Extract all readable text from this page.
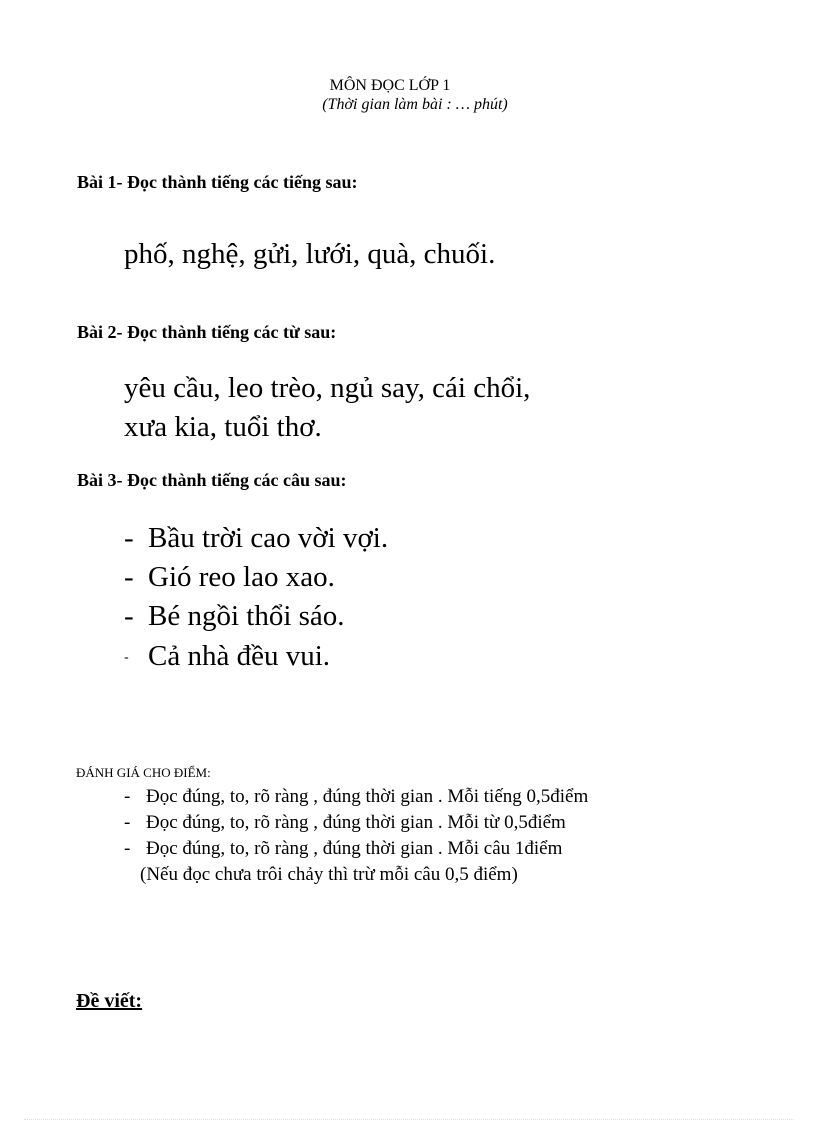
MÔN ĐỌC LỚP 1
(Thời gian làm bài : … phút)
Bài 1- Đọc thành tiếng các tiếng sau:
phố, nghệ, gửi, lưới, quà, chuối.
Bài 2- Đọc thành tiếng các từ sau:
yêu cầu, leo trèo, ngủ say, cái chổi,
xưa kia, tuổi thơ.
Bài 3- Đọc thành tiếng các câu sau:
- Bầu trời cao vời vợi.
- Gió reo lao xao.
- Bé ngồi thổi sáo.
- Cả nhà đều vui.
ĐÁNH GIÁ CHO ĐIỂM:
- Đọc đúng, to, rõ ràng , đúng thời gian . Mỗi tiếng 0,5điểm
- Đọc đúng, to, rõ ràng , đúng thời gian . Mỗi từ 0,5điểm
- Đọc đúng, to, rõ ràng , đúng thời gian . Mỗi câu 1điểm
(Nếu đọc chưa trôi chảy thì trừ mỗi câu 0,5 điểm)
Đề viết:
